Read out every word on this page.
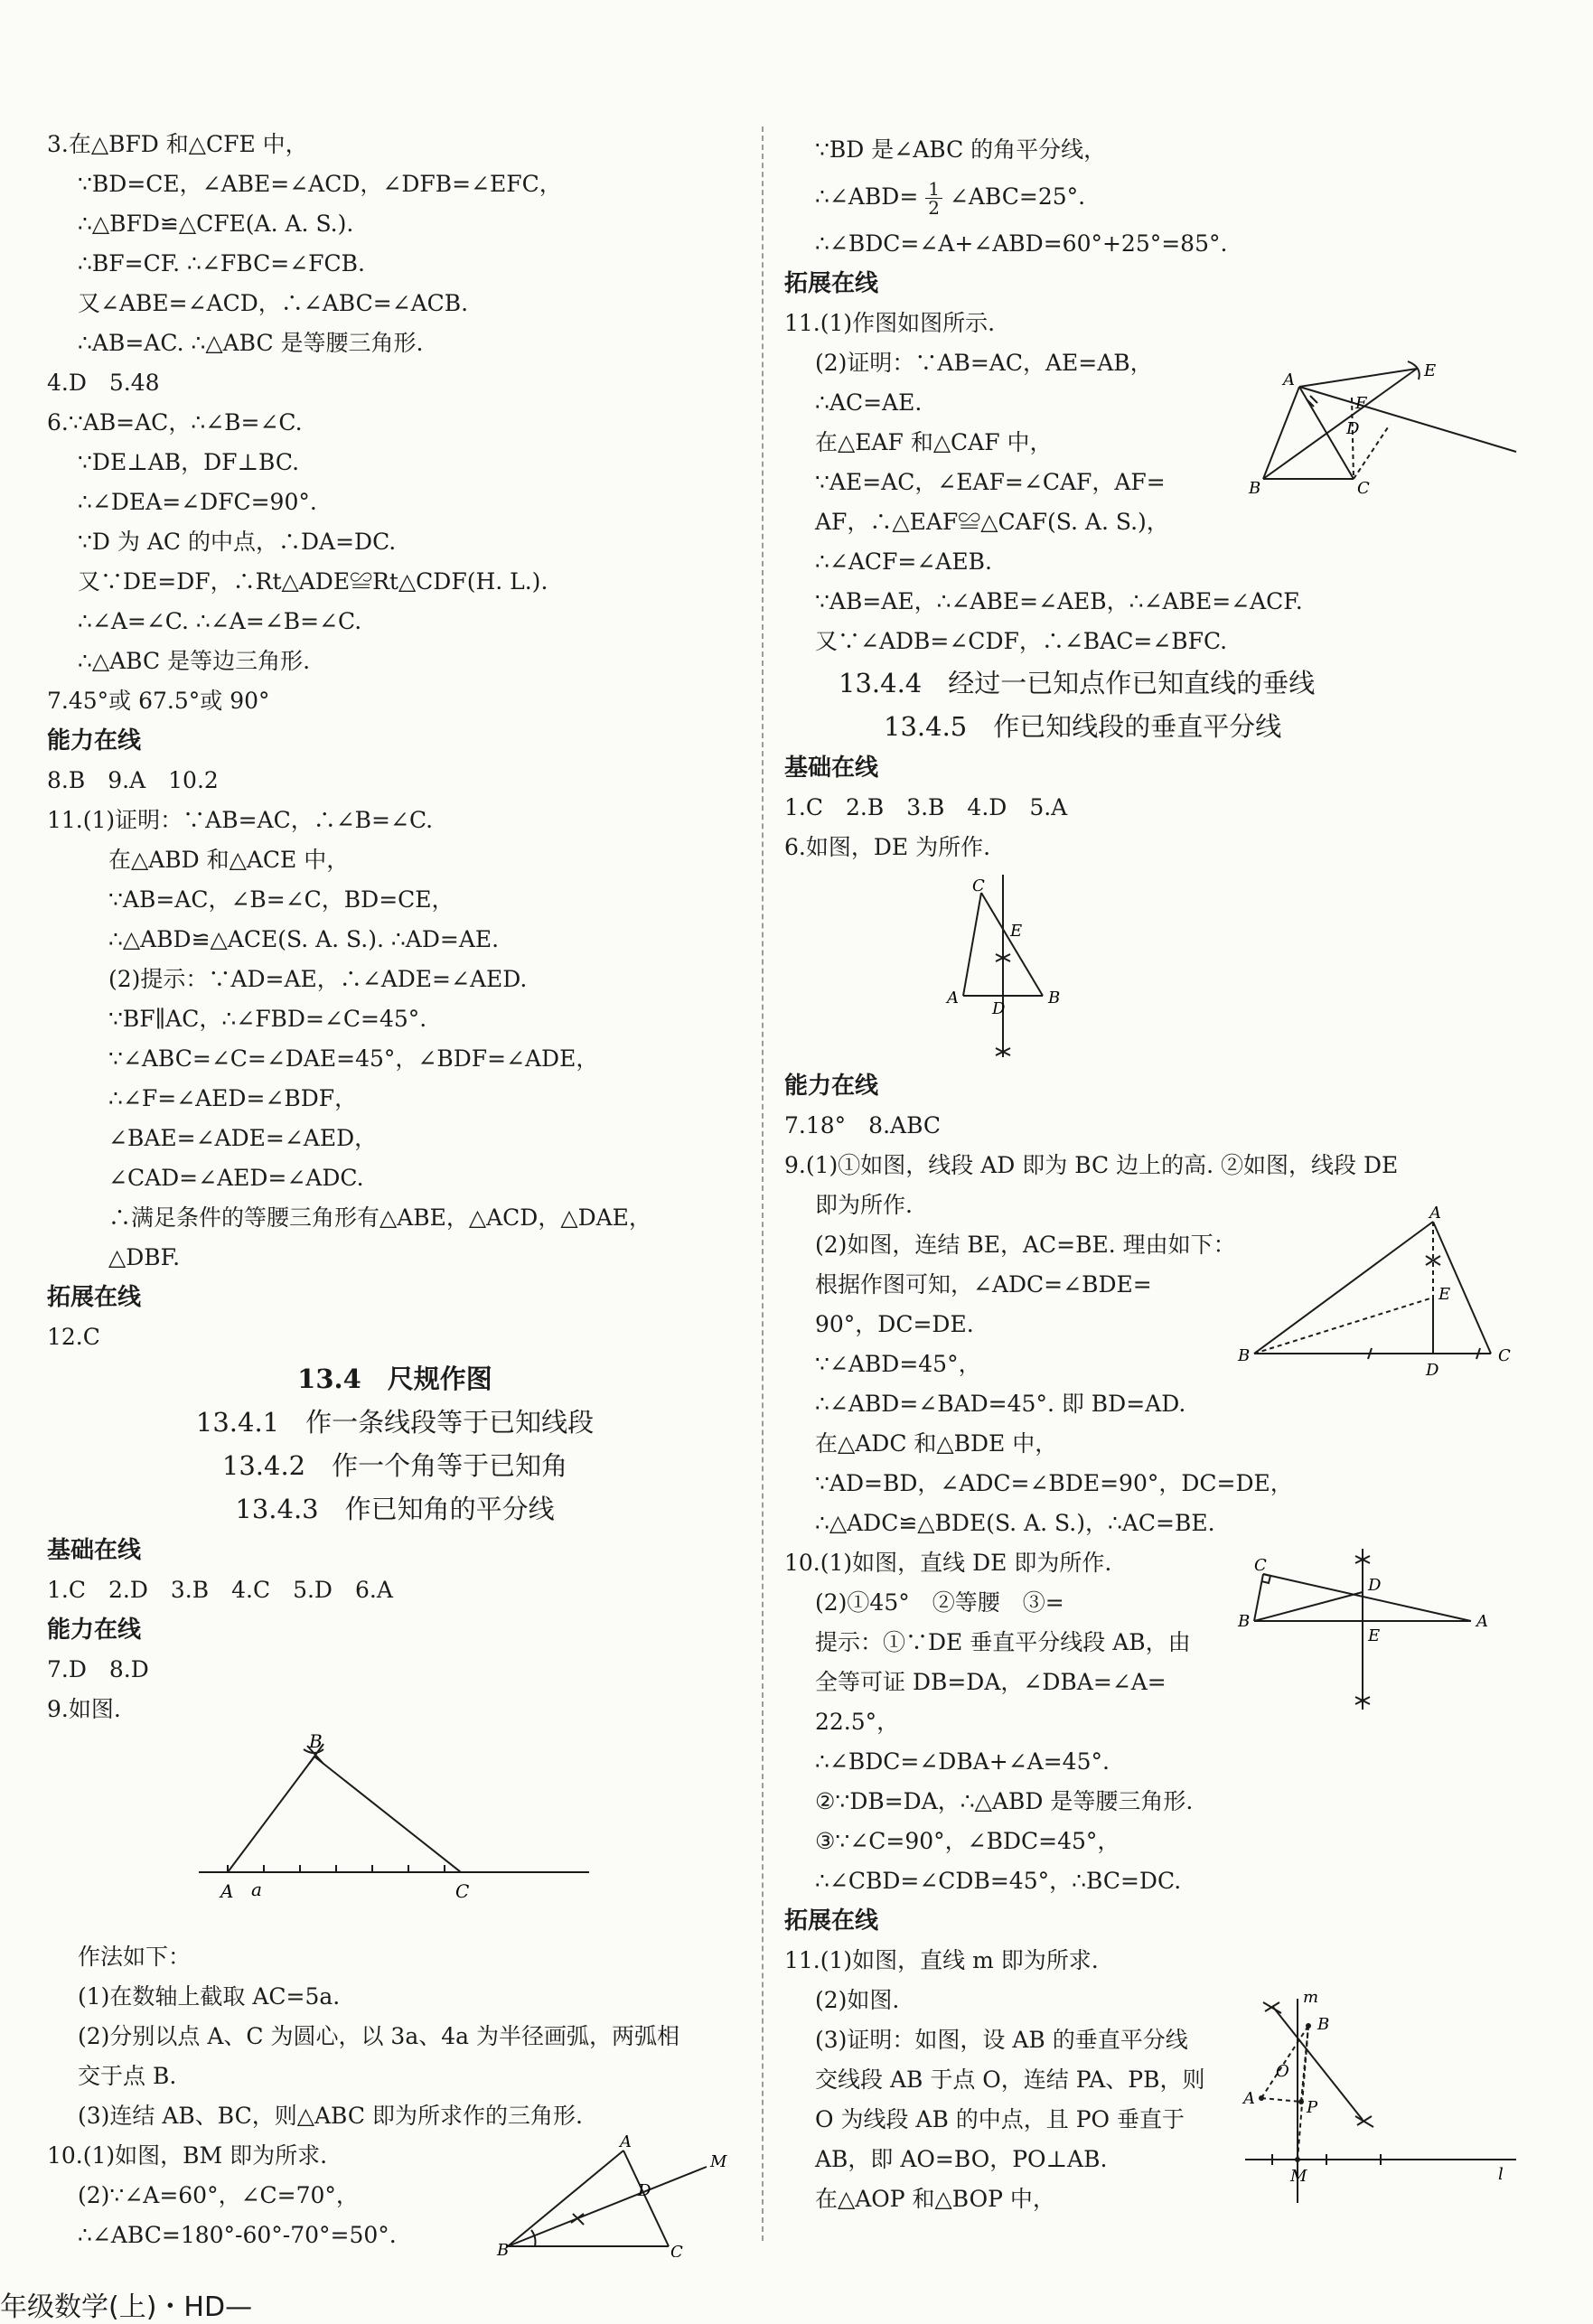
3.在△BFD 和△CFE 中，
∵BD=CE，∠ABE=∠ACD，∠DFB=∠EFC，
∴△BFD≌△CFE(A. A. S.).
∴BF=CF. ∴∠FBC=∠FCB.
又∠ABE=∠ACD，∴∠ABC=∠ACB.
∴AB=AC. ∴△ABC 是等腰三角形.
4.D　5.48
6.∵AB=AC，∴∠B=∠C.
∵DE⊥AB，DF⊥BC.
∴∠DEA=∠DFC=90°.
∵D 为 AC 的中点，∴DA=DC.
又∵DE=DF，∴Rt△ADE≌Rt△CDF(H. L.).
∴∠A=∠C. ∴∠A=∠B=∠C.
∴△ABC 是等边三角形.
7.45°或 67.5°或 90°
能力在线
8.B　9.A　10.2
11.(1)证明：∵AB=AC，∴∠B=∠C.
在△ABD 和△ACE 中，
∵AB=AC，∠B=∠C，BD=CE，
∴△ABD≌△ACE(S. A. S.). ∴AD=AE.
(2)提示：∵AD=AE，∴∠ADE=∠AED.
∵BF∥AC，∴∠FBD=∠C=45°.
∵∠ABC=∠C=∠DAE=45°，∠BDF=∠ADE，
∴∠F=∠AED=∠BDF，
∠BAE=∠ADE=∠AED，
∠CAD=∠AED=∠ADC.
∴满足条件的等腰三角形有△ABE，△ACD，△DAE，
△DBF.
拓展在线
12.C
13.4　尺规作图
13.4.1　作一条线段等于已知线段
13.4.2　作一个角等于已知角
13.4.3　作已知角的平分线
基础在线
1.C　2.D　3.B　4.C　5.D　6.A
能力在线
7.D　8.D
9.如图.
A a
B
C
作法如下：
(1)在数轴上截取 AC=5a.
(2)分别以点 A、C 为圆心，以 3a、4a 为半径画弧，两弧相
交于点 B.
(3)连结 AB、BC，则△ABC 即为所求作的三角形.
10.(1)如图，BM 即为所求.
(2)∵∠A=60°，∠C=70°，
∴∠ABC=180°-60°-70°=50°.
A
B	C
D
M
∵BD 是∠ABC 的角平分线，
∴∠ABD= $\frac{1}{2}$ ∠ABC=25°.
∴∠BDC=∠A+∠ABD=60°+25°=85°.
拓展在线
11.(1)作图如图所示.
(2)证明：∵AB=AC，AE=AB，
∴AC=AE.
在△EAF 和△CAF 中，
∵AE=AC，∠EAF=∠CAF，AF=
AF，∴△EAF≌△CAF(S. A. S.)，
∴∠ACF=∠AEB.
∵AB=AE，∴∠ABE=∠AEB，∴∠ABE=∠ACF.
又∵∠ADB=∠CDF，∴∠BAC=∠BFC.
A
B	C
D
E
F
13.4.4　经过一已知点作已知直线的垂线
13.4.5　作已知线段的垂直平分线
基础在线
1.C　2.B　3.B　4.D　5.A
6.如图，DE 为所作.
C
A	B
D
E
能力在线
7.18°　8.ABC
9.(1)①如图，线段 AD 即为 BC 边上的高. ②如图，线段 DE
即为所作.
(2)如图，连结 BE，AC=BE. 理由如下：
根据作图可知，∠ADC=∠BDE=
90°，DC=DE.
∵∠ABD=45°，
∴∠ABD=∠BAD=45°. 即 BD=AD.
在△ADC 和△BDE 中，
∵AD=BD，∠ADC=∠BDE=90°，DC=DE，
∴△ADC≌△BDE(S. A. S.)，∴AC=BE.
A
B	C
D
E
10.(1)如图，直线 DE 即为所作.
(2)①45°　②等腰　③=
提示：①∵DE 垂直平分线段 AB，由
全等可证 DB=DA，∠DBA=∠A=
22.5°，
∴∠BDC=∠DBA+∠A=45°.
②∵DB=DA，∴△ABD 是等腰三角形.
③∵∠C=90°，∠BDC=45°，
∴∠CBD=∠CDB=45°，∴BC=DC.
C
B	A
D
E
拓展在线
11.(1)如图，直线 m 即为所求.
(2)如图.
(3)证明：如图，设 AB 的垂直平分线
交线段 AB 于点 O，连结 PA、PB，则
O 为线段 AB 的中点，且 PO 垂直于
AB，即 AO=BO，PO⊥AB.
在△AOP 和△BOP 中，
A
B
O
P
M
m
l
年级数学(上)・HD—
